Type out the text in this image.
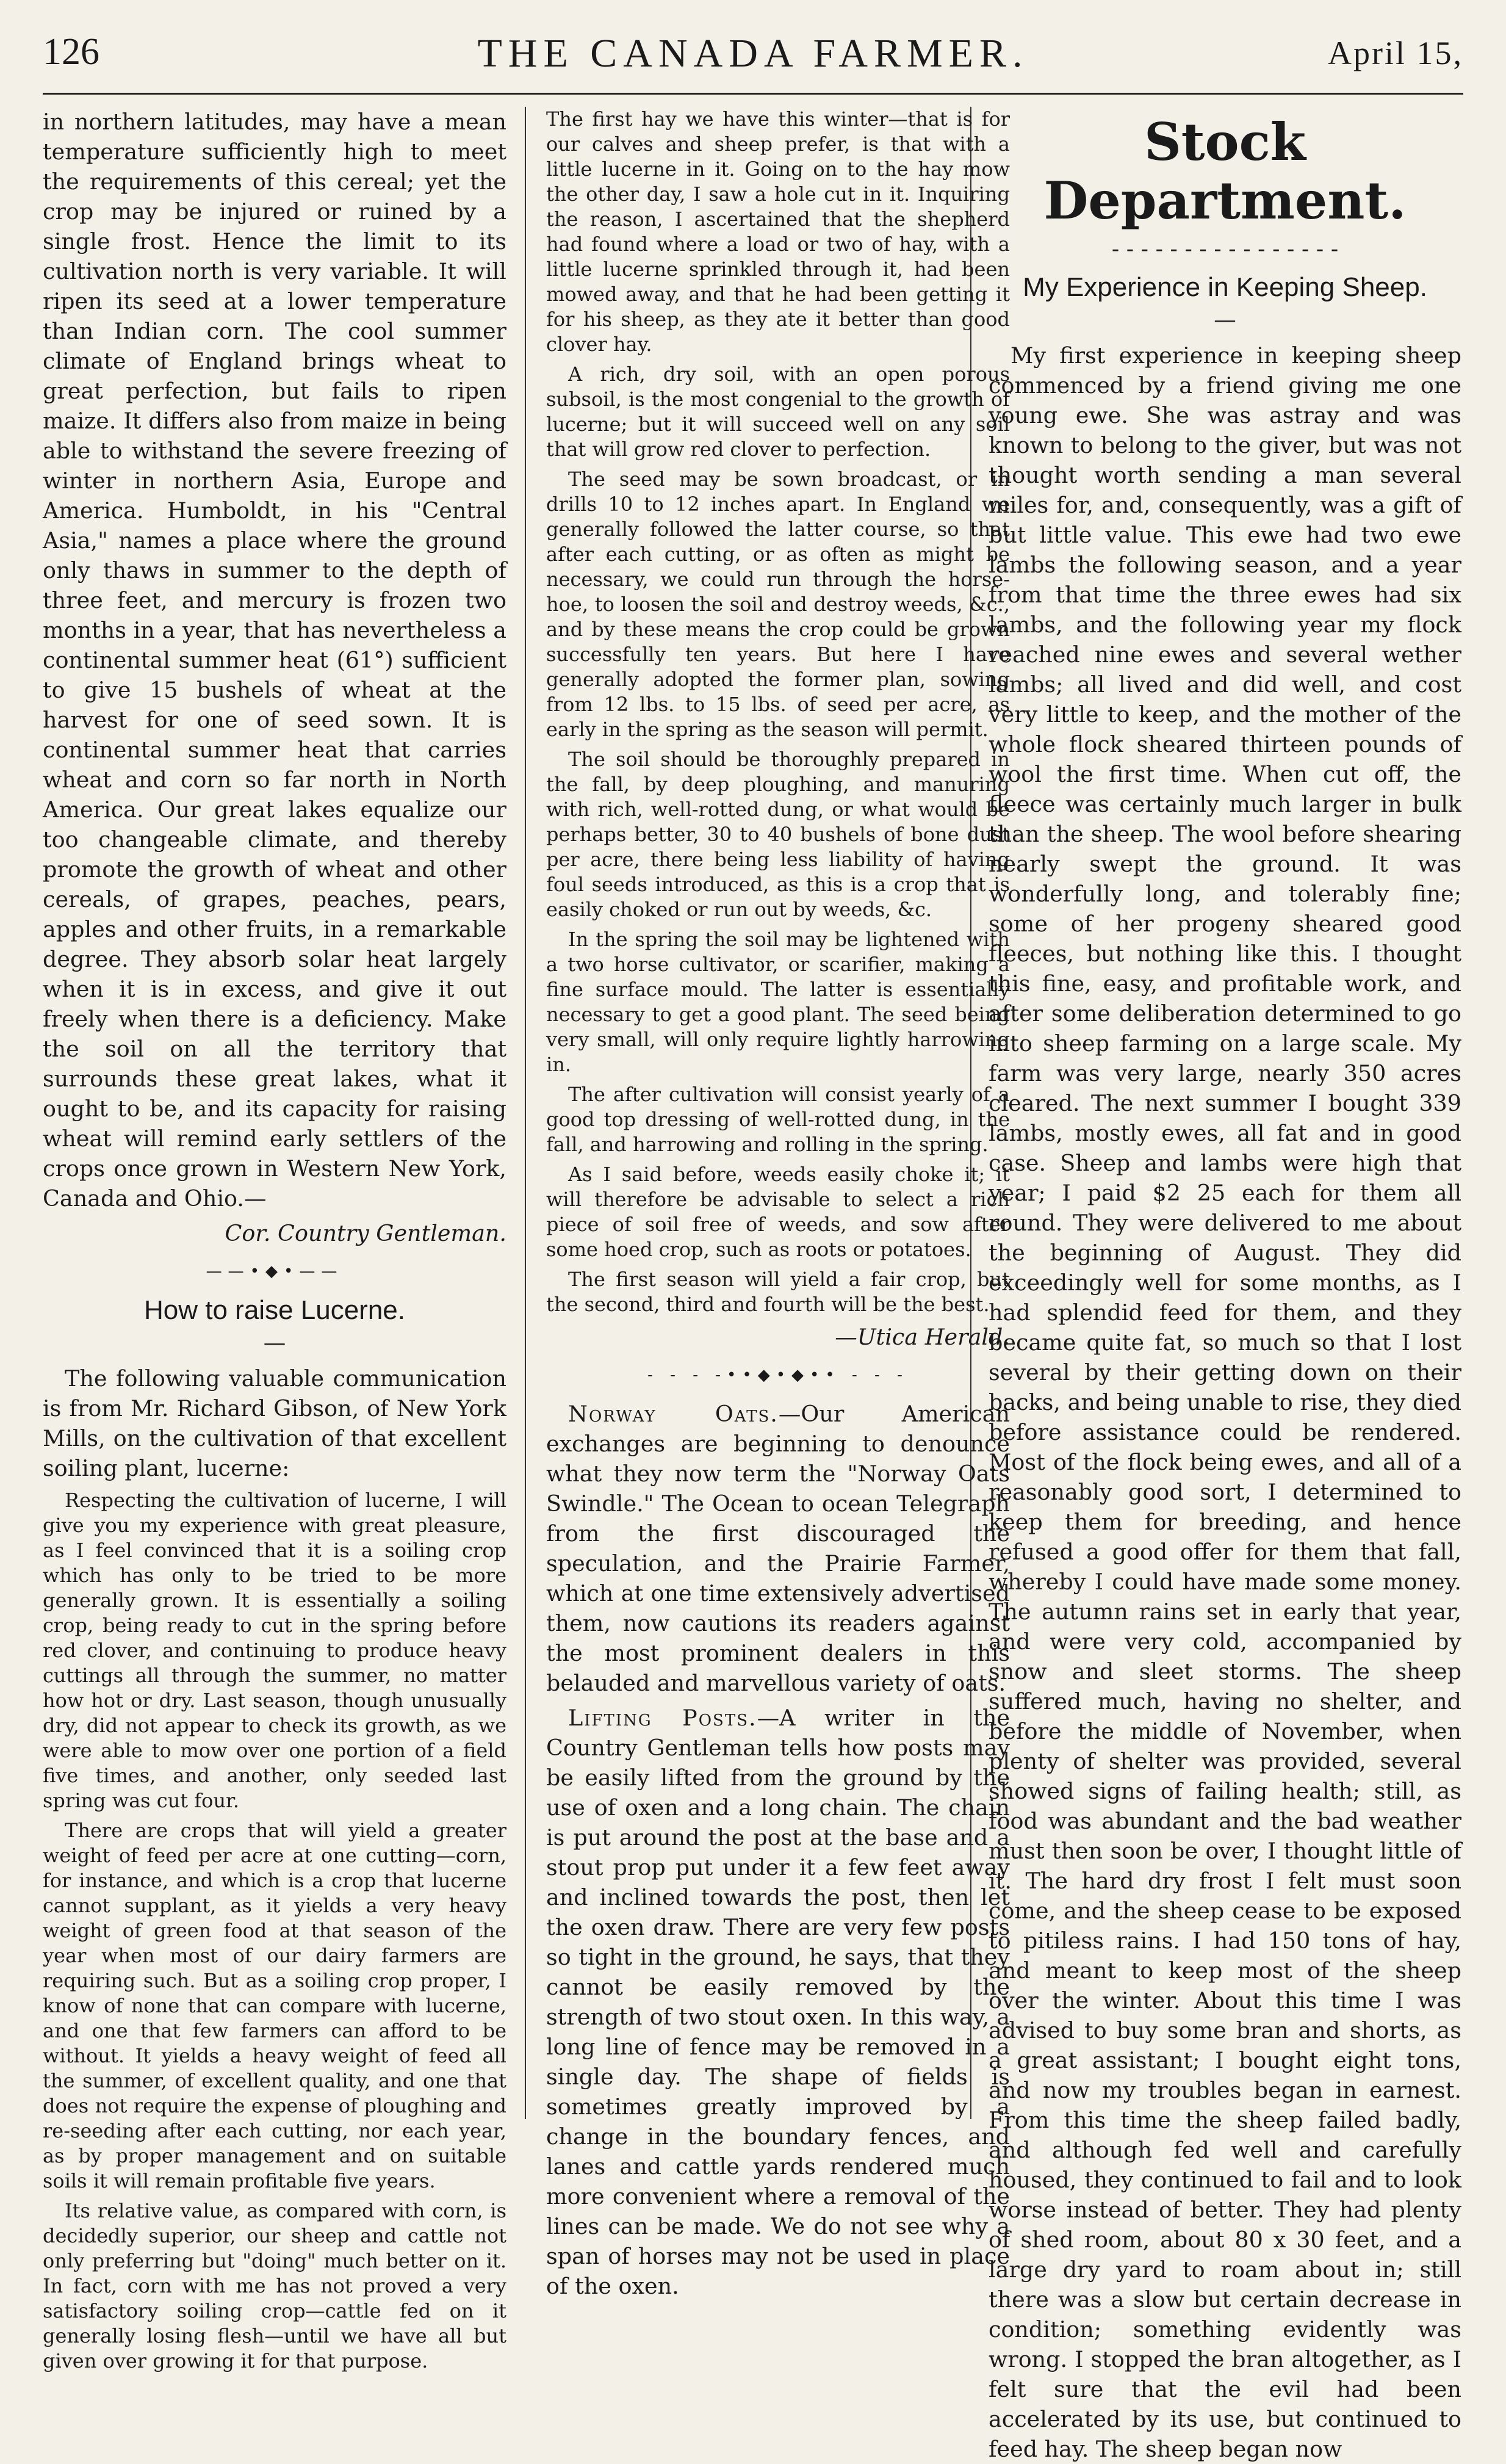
126	THE CANADA FARMER.	April 15,

in northern latitudes, may have a mean temperature sufficiently high to meet the requirements of this cereal; yet the crop may be injured or ruined by a single frost. Hence the limit to its cultivation north is very variable. It will ripen its seed at a lower temperature than Indian corn. The cool summer climate of England brings wheat to great perfection, but fails to ripen maize. It differs also from maize in being able to withstand the severe freezing of winter in northern Asia, Europe and America. Humboldt, in his "Central Asia," names a place where the ground only thaws in summer to the depth of three feet, and mercury is frozen two months in a year, that has nevertheless a continental summer heat (61°) sufficient to give 15 bushels of wheat at the harvest for one of seed sown. It is continental summer heat that carries wheat and corn so far north in North America. Our great lakes equalize our too changeable climate, and thereby promote the growth of wheat and other cereals, of grapes, peaches, pears, apples and other fruits, in a remarkable degree. They absorb solar heat largely when it is in excess, and give it out freely when there is a deficiency. Make the soil on all the territory that surrounds these great lakes, what it ought to be, and its capacity for raising wheat will remind early settlers of the crops once grown in Western New York, Canada and Ohio.—

Cor. Country Gentleman.

——•◆•——
How to raise Lucerne.
—

The following valuable communication is from Mr. Richard Gibson, of New York Mills, on the cultivation of that excellent soiling plant, lucerne:

Respecting the cultivation of lucerne, I will give you my experience with great pleasure, as I feel convinced that it is a soiling crop which has only to be tried to be more generally grown. It is essentially a soiling crop, being ready to cut in the spring before red clover, and continuing to produce heavy cuttings all through the summer, no matter how hot or dry. Last season, though unusually dry, did not appear to check its growth, as we were able to mow over one portion of a field five times, and another, only seeded last spring was cut four.

There are crops that will yield a greater weight of feed per acre at one cutting—corn, for instance, and which is a crop that lucerne cannot supplant, as it yields a very heavy weight of green food at that season of the year when most of our dairy farmers are requiring such. But as a soiling crop proper, I know of none that can compare with lucerne, and one that few farmers can afford to be without. It yields a heavy weight of feed all the summer, of excellent quality, and one that does not require the expense of ploughing and re-seeding after each cutting, nor each year, as by proper management and on suitable soils it will remain profitable five years.

Its relative value, as compared with corn, is decidedly superior, our sheep and cattle not only preferring but "doing" much better on it. In fact, corn with me has not proved a very satisfactory soiling crop—cattle fed on it generally losing flesh—until we have all but given over growing it for that purpose.

The first hay we have this winter—that is for our calves and sheep prefer, is that with a little lucerne in it. Going on to the hay mow the other day, I saw a hole cut in it. Inquiring the reason, I ascertained that the shepherd had found where a load or two of hay, with a little lucerne sprinkled through it, had been mowed away, and that he had been getting it for his sheep, as they ate it better than good clover hay.

A rich, dry soil, with an open porous subsoil, is the most congenial to the growth of lucerne; but it will succeed well on any soil that will grow red clover to perfection.

The seed may be sown broadcast, or in drills 10 to 12 inches apart. In England we generally followed the latter course, so that after each cutting, or as often as might be necessary, we could run through the horse-hoe, to loosen the soil and destroy weeds, &c., and by these means the crop could be grown successfully ten years. But here I have generally adopted the former plan, sowing from 12 lbs. to 15 lbs. of seed per acre, as early in the spring as the season will permit.

The soil should be thoroughly prepared in the fall, by deep ploughing, and manuring with rich, well-rotted dung, or what would be perhaps better, 30 to 40 bushels of bone dust per acre, there being less liability of having foul seeds introduced, as this is a crop that is easily choked or run out by weeds, &c.

In the spring the soil may be lightened with a two horse cultivator, or scarifier, making a fine surface mould. The latter is essentially necessary to get a good plant. The seed being very small, will only require lightly harrowing in.

The after cultivation will consist yearly of a good top dressing of well-rotted dung, in the fall, and harrowing and rolling in the spring.

As I said before, weeds easily choke it; it will therefore be advisable to select a rich piece of soil free of weeds, and sow after some hoed crop, such as roots or potatoes.

The first season will yield a fair crop, but the second, third and fourth will be the best.

—Utica Herald.

- - - -••◆•◆•• - - -

Norway Oats.—Our American exchanges are beginning to denounce what they now term the "Norway Oats Swindle." The Ocean to ocean Telegraph from the first discouraged the speculation, and the Prairie Farmer, which at one time extensively advertised them, now cautions its readers against the most prominent dealers in this belauded and marvellous variety of oats.

Lifting Posts.—A writer in the Country Gentleman tells how posts may be easily lifted from the ground by the use of oxen and a long chain. The chain is put around the post at the base and a stout prop put under it a few feet away and inclined towards the post, then let the oxen draw. There are very few posts so tight in the ground, he says, that they cannot be easily removed by the strength of two stout oxen. In this way, a long line of fence may be removed in a single day. The shape of fields is sometimes greatly improved by a change in the boundary fences, and lanes and cattle yards rendered much more convenient where a removal of the lines can be made. We do not see why a span of horses may not be used in place of the oxen.

Stock Department.
- - - - - - - - - - - - - - - -
My Experience in Keeping Sheep.
—

My first experience in keeping sheep commenced by a friend giving me one young ewe. She was astray and was known to belong to the giver, but was not thought worth sending a man several miles for, and, consequently, was a gift of but little value. This ewe had two ewe lambs the following season, and a year from that time the three ewes had six lambs, and the following year my flock reached nine ewes and several wether lambs; all lived and did well, and cost very little to keep, and the mother of the whole flock sheared thirteen pounds of wool the first time. When cut off, the fleece was certainly much larger in bulk than the sheep. The wool before shearing nearly swept the ground. It was wonderfully long, and tolerably fine; some of her progeny sheared good fleeces, but nothing like this. I thought this fine, easy, and profitable work, and after some deliberation determined to go into sheep farming on a large scale. My farm was very large, nearly 350 acres cleared. The next summer I bought 339 lambs, mostly ewes, all fat and in good case. Sheep and lambs were high that year; I paid $2 25 each for them all round. They were delivered to me about the beginning of August. They did exceedingly well for some months, as I had splendid feed for them, and they became quite fat, so much so that I lost several by their getting down on their backs, and being unable to rise, they died before assistance could be rendered. Most of the flock being ewes, and all of a reasonably good sort, I determined to keep them for breeding, and hence refused a good offer for them that fall, whereby I could have made some money. The autumn rains set in early that year, and were very cold, accompanied by snow and sleet storms. The sheep suffered much, having no shelter, and before the middle of November, when plenty of shelter was provided, several showed signs of failing health; still, as food was abundant and the bad weather must then soon be over, I thought little of it. The hard dry frost I felt must soon come, and the sheep cease to be exposed to pitiless rains. I had 150 tons of hay, and meant to keep most of the sheep over the winter. About this time I was advised to buy some bran and shorts, as a great assistant; I bought eight tons, and now my troubles began in earnest. From this time the sheep failed badly, and although fed well and carefully housed, they continued to fail and to look worse instead of better. They had plenty of shed room, about 80 x 30 feet, and a large dry yard to roam about in; still there was a slow but certain decrease in condition; something evidently was wrong. I stopped the bran altogether, as I felt sure that the evil had been accelerated by its use, but continued to feed hay. The sheep began now
